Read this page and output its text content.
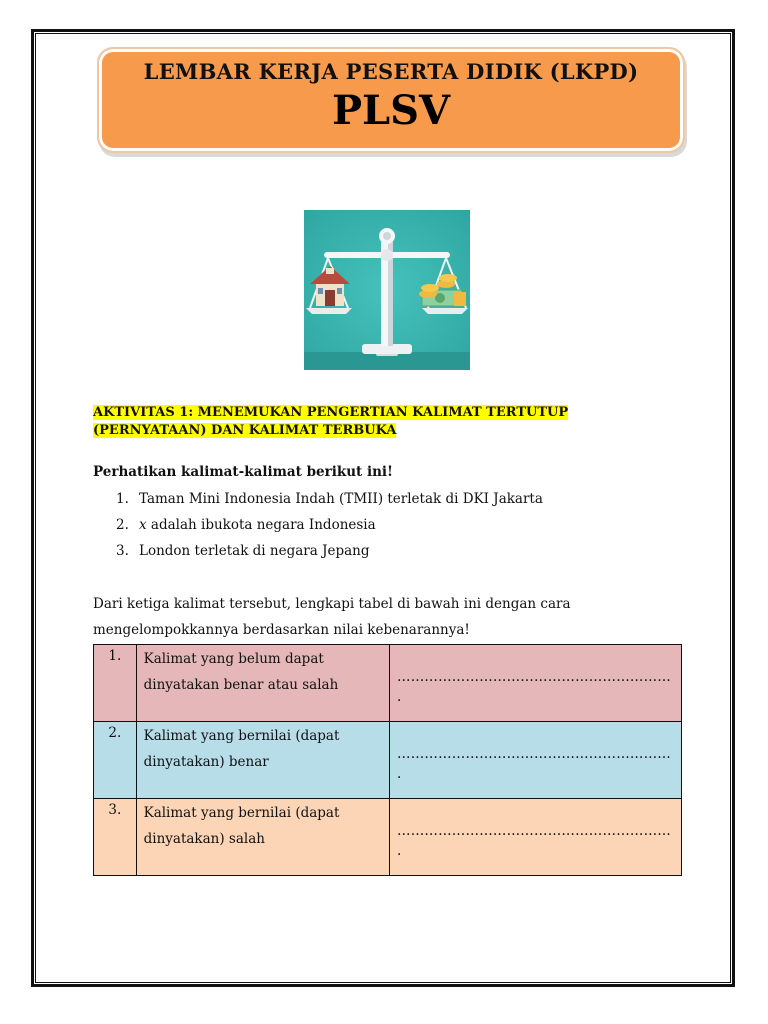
LEMBAR KERJA PESERTA DIDIK (LKPD)
PLSV
AKTIVITAS 1: MENEMUKAN PENGERTIAN KALIMAT TERTUTUP
(PERNYATAAN) DAN KALIMAT TERBUKA
Perhatikan kalimat-kalimat berikut ini!
1. Taman Mini Indonesia Indah (TMII) terletak di DKI Jakarta
2. x adalah ibukota negara Indonesia
3. London terletak di negara Jepang
Dari ketiga kalimat tersebut, lengkapi tabel di bawah ini dengan cara
mengelompokkannya berdasarkan nilai kebenarannya!
1.	Kalimat yang belum dapat
dinyatakan benar atau salah	……………………………………………………
.
2.	Kalimat yang bernilai (dapat
dinyatakan) benar	……………………………………………………
.
3.	Kalimat yang bernilai (dapat
dinyatakan) salah	……………………………………………………
.
